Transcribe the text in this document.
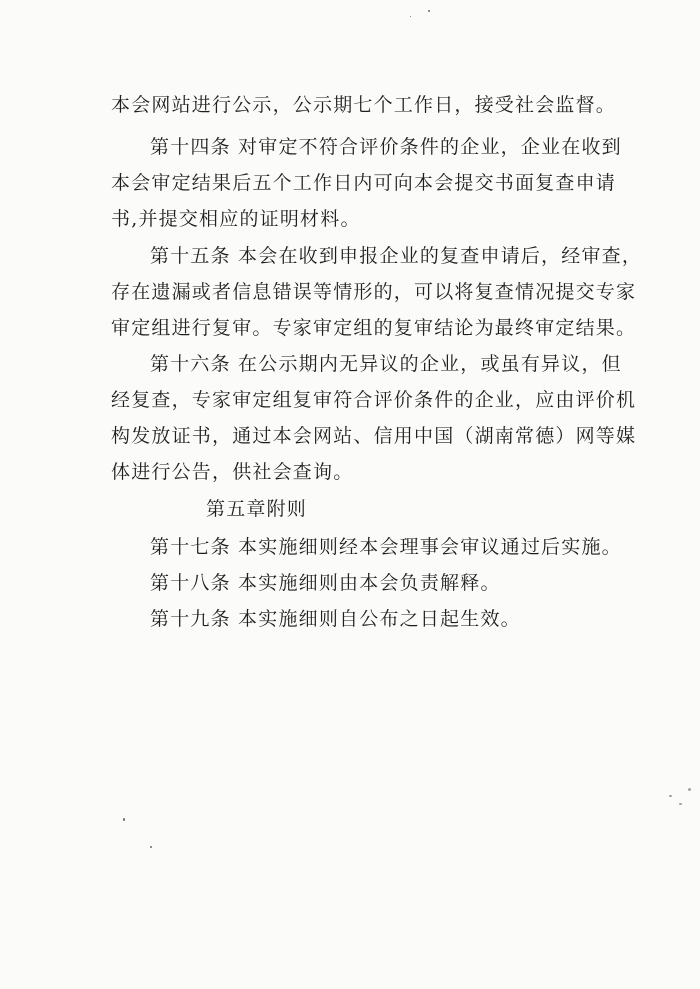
本会网站进行公示，公示期七个工作日，接受社会监督。
第十四条 对审定不符合评价条件的企业，企业在收到
本会审定结果后五个工作日内可向本会提交书面复查申请
书,并提交相应的证明材料。
第十五条 本会在收到申报企业的复查申请后，经审查，
存在遗漏或者信息错误等情形的，可以将复查情况提交专家
审定组进行复审。专家审定组的复审结论为最终审定结果。
第十六条 在公示期内无异议的企业，或虽有异议，但
经复查，专家审定组复审符合评价条件的企业，应由评价机
构发放证书，通过本会网站、信用中国（湖南常德）网等媒
体进行公告，供社会查询。
第五章附则
第十七条 本实施细则经本会理事会审议通过后实施。
第十八条 本实施细则由本会负责解释。
第十九条 本实施细则自公布之日起生效。
